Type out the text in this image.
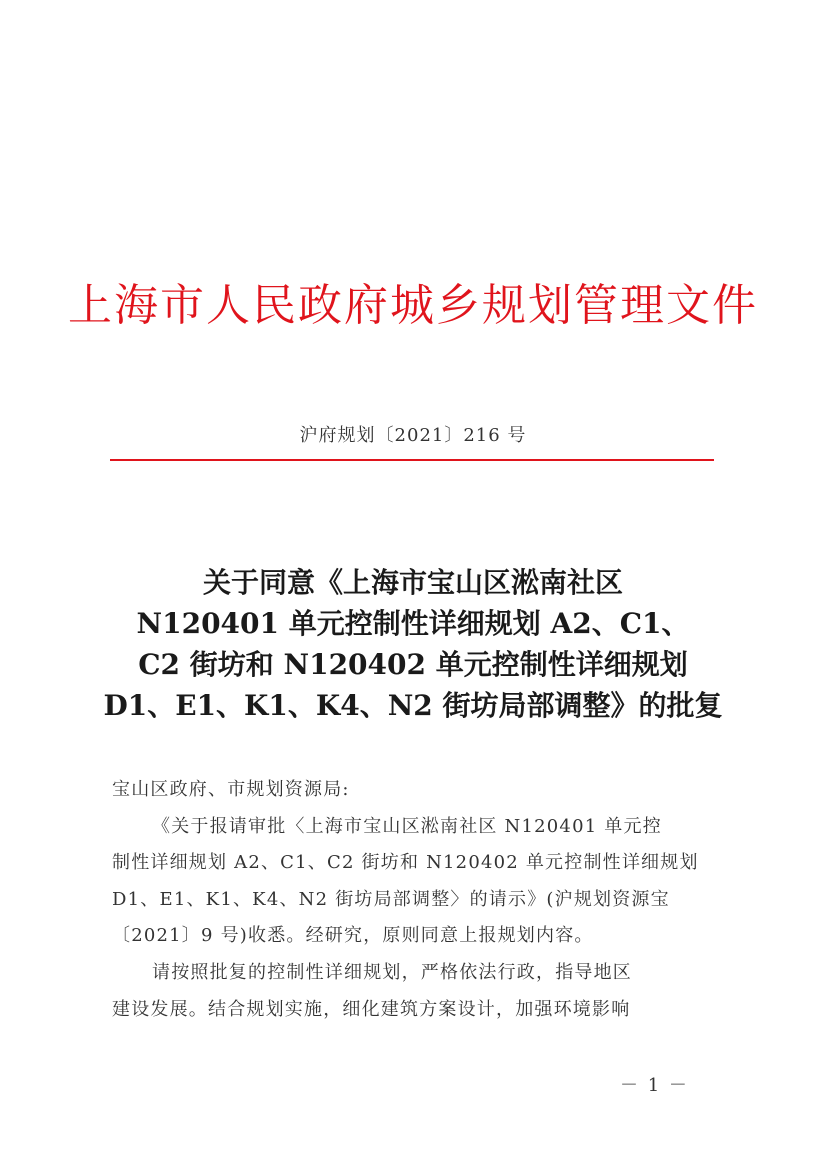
上海市人民政府城乡规划管理文件
沪府规划〔2021〕216 号
关于同意《上海市宝山区淞南社区
N120401 单元控制性详细规划 A2、C1、
C2 街坊和 N120402 单元控制性详细规划
D1、E1、K1、K4、N2 街坊局部调整》的批复
宝山区政府、市规划资源局:
《关于报请审批〈上海市宝山区淞南社区 N120401 单元控
制性详细规划 A2、C1、C2 街坊和 N120402 单元控制性详细规划
D1、E1、K1、K4、N2 街坊局部调整〉的请示》(沪规划资源宝
〔2021〕9 号)收悉。经研究，原则同意上报规划内容。
请按照批复的控制性详细规划，严格依法行政，指导地区
建设发展。结合规划实施，细化建筑方案设计，加强环境影响
－ 1 －
